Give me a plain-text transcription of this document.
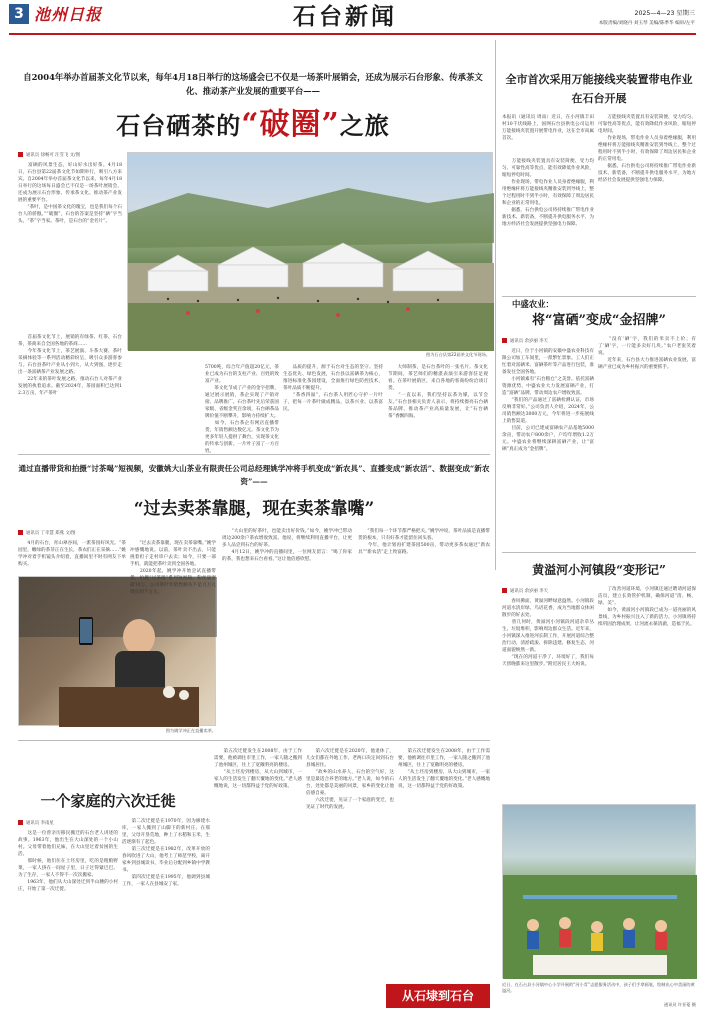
3 池州日报	石台新闻	2025—4—23 星期三
本版责编/刘晓丹 刘玉琴 美编/陈季华 编审/左平
自2004年举办首届茶文化节以来，每年4月18日举行的这场盛会已不仅是一场茶叶展销会，还成为展示石台形象、传承茶文化、推动茶产业发展的重要平台——
石台硒茶的“破圈”之旅
通讯员 徐畅可 汪雪飞 文/图
　　富硒的风景生态，好山好水出好茶。4月18日，石台县第22届茶文化节如期举行，吸引八方来宾。自2004年举办首届茶文化节以来，每年4月18日举行的这场每日盛会已不仅是一场茶叶展销会，还成为展示石台形象、传承茶文化、推动茶产业发展的重要平台。
　　“茶叶，是中国茶文化的瑰宝，也是我们每个石台人的骄傲。”“破圈”，石台的答案是坚持“硒”字当头、“茶”字当家。茶叶，是石台的“金名片”。
　　首届茶文化节上，展销的有绿茶、红茶、石台茶，茶商来自全国各地的茶商……
　　今年茶文化节上，茶艺展演、斗茶大赛、茶叶采摘体验等一系列活动精彩纷呈，吸引众多游客参与。石台县茶叶产业从小到大，从大到强，逐步走出一条富硒茶产业发展之路。
　　22年来的茶叶发展之路，推动石台人对茶产业发展的执着追求。截至2024年，茶园面积已达到12.3万亩，年产茶叶
图为石台县第22届茶文化节现场。
5700吨，综合年产值超20亿元，茶业已成为石台的支柱产业、百姓的致富产业。
　　茶文化节成了产业的金字招牌，通过展示展销，茶企实现了产销对接、品牌推广。石台茶叶先后荣获国家级、省级金奖百余项，石台硒茶品牌价值不断攀升，影响力持续扩大。
　　如今，石台茶企有网店直播带货，年销售额达数亿元。茶文化节为更多年轻人提供了舞台，实现茶文化的传承与创新。一片叶子富了一方百姓。
　　品质的提升，源于石台对生态的坚守。坚持生态优先、绿色发展，石台县以富硒茶为核心，推进标准化茶园建设，全面推行绿色防控技术，茶叶品质不断提升。
　　“茶香四溢”，石台茶人用匠心守护一片叶子，把每一片茶叶做成精品，以茶兴业、以茶富民。
　　大师制茶，是石台茶叶的一张名片。茶文化节期间，茶艺师们的精湛表演引来游客驻足观看。在茶叶展销区，来自各地的客商纷纷洽谈订货。
　　“一直以来，我们坚持以茶为媒，以节会友。”石台县相关负责人表示，将持续擦亮石台硒茶品牌，推动茶产业高质量发展，让“石台硒茶”香飘四海。
全市首次采用万能接线夹装置带电作业在石台开展
本报讯（通讯员 周雨）近日，在小河镇丰田村10千伏线路上，国网石台县供电公司运用万能接线夹装置开展带电作业，这在全市尚属首次。
　　万能接线夹装置具有安装简便、受力均匀、可靠性高等优点，能有效降低作业风险，缩短停电时间。
　　作业现场，带电作业人员身着绝缘服，利用绝缘杆将万能接线夹精准安装到导线上，整个过程用时不到半小时，有效保障了周边居民和企业的正常用电。
　　据悉，石台供电公司将持续推广带电作业新技术、新装备，不断提升供电服务水平，为地方经济社会发展提供坚强电力保障。
　　万能接线夹装置具有安装简便、受力均匀、可靠性高等优点，能有效降低作业风险，缩短停电时间。
　　作业现场，带电作业人员身着绝缘服，利用绝缘杆将万能接线夹精准安装到导线上，整个过程用时不到半小时，有效保障了周边居民和企业的正常用电。
　　据悉，石台供电公司将持续推广带电作业新技术、新装备，不断提升供电服务水平，为地方经济社会发展提供坚强电力保障。
中盛农业：
将“富硒”变成“金招牌”
通讯员 余岁丽 李天
　　近日，位于小河镇的安徽中盛农业科技有限公司加工车间里，一派繁忙景象。工人们正忙着对富硒米、富硒茶叶等产品进行包装，准备发往全国各地。
　　小河镇素有“石台粮仓”之美誉。依托富硒资源优势，中盛农业大力发展富硒产业，打造“富硒”品牌，带动周边农户增收致富。
　　“我们的产品通过了富硒检测认证，市场反响非常好。”公司负责人介绍，2024年，公司销售额达3000万元，今年将进一步拓展线上销售渠道。
　　目前，公司已建成富硒农产品基地5000余亩，带动农户800余户，户均年增收1.2万元。中盛农业将继续深耕富硒产业，让“富硒”真正成为“金招牌”。
　　“没有‘硒’字，我们的米卖不上价；有了‘硒’字，一斤能多卖好几块。”农户老张笑着说。
　　近年来，石台县大力推进富硒农业发展，富硒产业已成为乡村振兴的重要抓手。
通过直播带货和拍摄“讨茶喝”短视频，安徽姚大山茶业有限责任公司总经理姚学冲将手机变成“新农具”、直播变成“新农活”、数据变成“新农资”——
“过去卖茶靠腿，现在卖茶靠嘴”
通讯员 丁幸慧 郑燕 文/图
　　4月的石台，青山翠谷间，一派茶园好风光。“茶园里，嫩绿的茶芽正在生长，茶农们正在采摘……”姚学冲对着手机镜头介绍着，直播间里不时有网友下单购买。
图为姚学冲正在直播卖茶。
　　“过去卖茶靠腿，现在卖茶靠嘴。”姚学冲感慨地说。以前，茶叶卖不出去，只能挑着担子走村串户去卖；如今，只要一部手机，就能把茶叶卖到全国各地。
　　2020年起，姚学冲开始尝试直播带货，拍摄“讨茶喝”系列短视频，粉丝量突破10万，公司茶叶年销售额从不足百万元增长到千万元。
　　“大山里的好茶叶，也能卖出好价钱。”如今，姚学冲已带动周边200余户茶农增收致富。他说，将继续利用直播平台，让更多人品尝到石台的好茶。
　　4月12日，姚学冲的直播间里，一位网友留言：“喝了你家的茶，我也想来石台看看。”这让他倍感欣慰。
　　“我们每一个环节都严格把关。”姚学冲说，茶叶品质是直播带货的根本，只有好茶才能留住回头客。
　　今年，他计划再扩建茶园500亩，带动更多茶农通过“新农具”“新农活”走上致富路。
黄溢河小河镇段“变形记”
通讯员 余岁丽 李天
　　春风拂面，黄溢河畔绿意盎然。小河镇段河道水清岸绿、鸟语花香，成为当地群众休闲散步的好去处。
　　曾几何时，黄溢河小河镇段河道杂草丛生、垃圾堆积，影响周边群众生活。近年来，小河镇深入推进河长制工作，开展河道综合整治行动，清淤疏浚、拆除违建、修复生态，河道面貌焕然一新。
　　“现在的河道干净了，环境好了，我们每天傍晚都来这里散步。”附近居民王大妈说。
　　了改善河道环境，小河镇还通过聘请河道保洁员，建立长效管护机制，确保河道“清、畅、绿、美”。
　　如今，黄溢河小河镇段已成为一道亮丽的风景线，为乡村振兴注入了新的活力。小河镇将持续巩固治理成果，让河流永葆清澈，造福于民。
近日，在石台县小河镇中心小学开展的“河小青”志愿服务活动中，孩子们手拿画笔，绘制出心中美丽的黄溢河。
通讯员 许亚菱 摄
一个家庭的六次迁徙
通讯员 李南星
　　这是一位曾亲历移民搬迁的石台老人讲述的故事。1963年，他出生在大山深处的一个小山村。父母带着他们兄妹，在大山里过着贫困的生活。
　　那时候，他们住在土坯房里，吃的是粗粮野菜，一家人挤在一间屋子里，日子过得紧巴巴。为了生存，一家人不得不一次次搬家。
　　1963年，他们从大山深处迁到半山腰的小村庄，开始了第一次迁徙。
　　第二次迁徙是在1970年，因为修建水库，一家人搬到了山脚下的新村庄。在那里，父母开垦荒地，种上了水稻和玉米，生活逐渐有了起色。
　　第三次迁徙是在1982年，改革开放的春风吹进了大山，他考上了师范学校，离开家乡到县城读书，毕业后分配到乡镇中学教书。
　　第四次迁徙是在1995年，他调到县城工作，一家人在县城安了家。
　　第五次迁徙发生在2008年，由于工作需要，他被调往市里工作，一家人随之搬到了池州城区，住上了宽敞明亮的楼房。
　　“从土坯房到楼房，从大山到城市，一家人的生活发生了翻天覆地的变化。”老人感慨地说，这一切都得益于党的好政策。
　　第六次迁徙是在2020年，他退休了，儿女们都在外地工作，老两口决定回到石台县城居住。
　　“故乡的山水养人，石台的空气好，这里是最适合养老的地方。”老人说，如今的石台，处处都是美丽的风景，家乡的变化让他倍感自豪。
　　六次迁徙，见证了一个家庭的变迁，也见证了时代的发展。
　　第五次迁徙发生在2008年，由于工作需要，他被调往市里工作，一家人随之搬到了池州城区，住上了宽敞明亮的楼房。
　　“从土坯房到楼房，从大山到城市，一家人的生活发生了翻天覆地的变化。”老人感慨地说，这一切都得益于党的好政策。
从石埭到石台
